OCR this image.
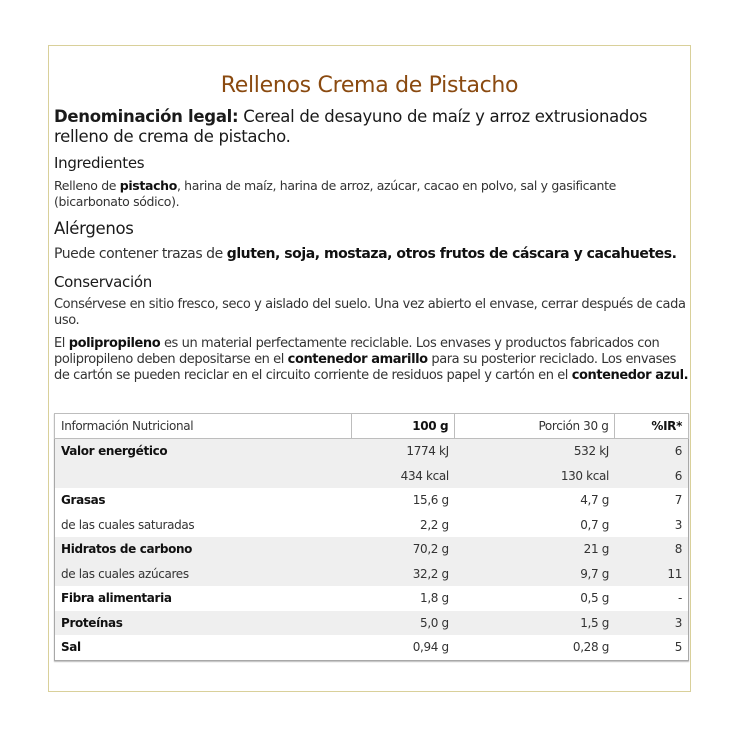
Rellenos Crema de Pistacho
Denominación legal: Cereal de desayuno de maíz y arroz extrusionados relleno de crema de pistacho.
Ingredientes
Relleno de pistacho, harina de maíz, harina de arroz, azúcar, cacao en polvo, sal y gasificante (bicarbonato sódico).
Alérgenos
Puede contener trazas de gluten, soja, mostaza, otros frutos de cáscara y cacahuetes.
Conservación
Consérvese en sitio fresco, seco y aislado del suelo. Una vez abierto el envase, cerrar después de cada uso.
El polipropileno es un material perfectamente reciclable. Los envases y productos fabricados con polipropileno deben depositarse en el contenedor amarillo para su posterior reciclado. Los envases de cartón se pueden reciclar en el circuito corriente de residuos papel y cartón en el contenedor azul.
Información Nutricional	100 g	Porción 30 g	%IR*
Valor energético	1774 kJ	532 kJ	6
	434 kcal	130 kcal	6
Grasas	15,6 g	4,7 g	7
de las cuales saturadas	2,2 g	0,7 g	3
Hidratos de carbono	70,2 g	21 g	8
de las cuales azúcares	32,2 g	9,7 g	11
Fibra alimentaria	1,8 g	0,5 g	-
Proteínas	5,0 g	1,5 g	3
Sal	0,94 g	0,28 g	5
